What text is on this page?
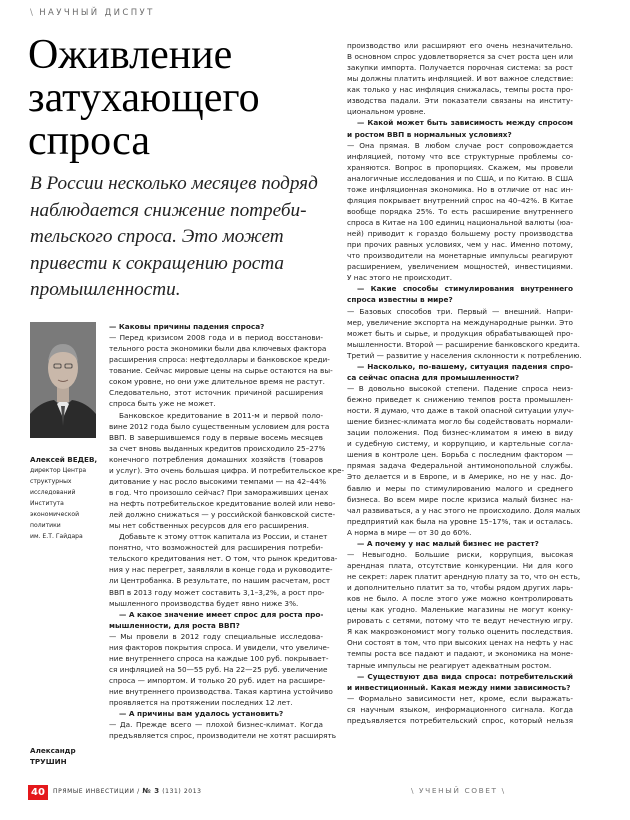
\ НАУЧНЫЙ ДИСПУТ
Оживление
затухающего
спроса
В России несколько месяцев подряд
наблюдается снижение потреби-
тельского спроса. Это может
привести к сокращению роста
промышленности.
Алексей ВЕДЕВ,
директор Центра
структурных
исследований
Института
экономической
политики
им. Е.Т. Гайдара
Александр
ТРУШИН
— Каковы причины падения спроса?
— Перед кризисом 2008 года и в период восстанови-
тельного роста экономики были два ключевых фактора
расширения спроса: нефтедоллары и банковское креди-
тование. Сейчас мировые цены на сырье остаются на вы-
соком уровне, но они уже длительное время не растут.
Следовательно, этот источник причиной расширения
спроса быть уже не может.
Банковское кредитование в 2011-м и первой поло-
вине 2012 года было существенным условием для роста
ВВП. В завершившемся году в первые восемь месяцев
за счет вновь выданных кредитов происходило 25–27%
конечного потребления домашних хозяйств (товаров
и услуг). Это очень большая цифра. И потребительское кре-
дитование у нас росло высокими темпами — на 42–44%
в год. Что произошло сейчас? При замораживших ценах
на нефть потребительское кредитование волей или нево-
лей должно снижаться — у российской банковской систе-
мы нет собственных ресурсов для его расширения.
Добавьте к этому отток капитала из России, и станет
понятно, что возможностей для расширения потреби-
тельского кредитования нет. О том, что рынок кредитова-
ния у нас перегрет, заявляли в конце года и руководите-
ли Центробанка. В результате, по нашим расчетам, рост
ВВП в 2013 году может составить 3,1–3,2%, а рост про-
мышленного производства будет явно ниже 3%.
— А какое значение имеет спрос для роста про-
мышленности, для роста ВВП?
— Мы провели в 2012 году специальные исследова-
ния факторов покрытия спроса. И увидели, что увеличе-
ние внутреннего спроса на каждые 100 руб. покрывает-
ся инфляцией на 50—55 руб. На 22—25 руб. увеличение
спроса — импортом. И только 20 руб. идет на расшире-
ние внутреннего производства. Такая картина устойчиво
проявляется на протяжении последних 12 лет.
— А причины вам удалось установить?
— Да. Прежде всего — плохой бизнес-климат. Когда
предъявляется спрос, производители не хотят расширять
производство или расширяют его очень незначительно.
В основном спрос удовлетворяется за счет роста цен или
закупки импорта. Получается порочная система: за рост
мы должны платить инфляцией. И вот важное следствие:
как только у нас инфляция снижалась, темпы роста про-
изводства падали. Эти показатели связаны на институ-
циональном уровне.
— Какой может быть зависимость между спросом
и ростом ВВП в нормальных условиях?
— Она прямая. В любом случае рост сопровождается
инфляцией, потому что все структурные проблемы со-
храняются. Вопрос в пропорциях. Скажем, мы провели
аналогичные исследования и по США, и по Китаю. В США
тоже инфляционная экономика. Но в отличие от нас ин-
фляция покрывает внутренний спрос на 40–42%. В Китае
вообще порядка 25%. То есть расширение внутреннего
спроса в Китае на 100 единиц национальной валюты (юа-
ней) приводит к гораздо большему росту производства
при прочих равных условиях, чем у нас. Именно потому,
что производители на монетарные импульсы реагируют
расширением, увеличением мощностей, инвестициями.
У нас этого не происходит.
— Какие способы стимулирования внутреннего
спроса известны в мире?
— Базовых способов три. Первый — внешний. Напри-
мер, увеличение экспорта на международные рынки. Это
может быть и сырье, и продукция обрабатывающей про-
мышленности. Второй — расширение банковского кредита.
Третий — развитие у населения склонности к потреблению.
— Насколько, по-вашему, ситуация падения спро-
са сейчас опасна для промышленности?
— В довольно высокой степени. Падение спроса неиз-
бежно приведет к снижению темпов роста промышлен-
ности. Я думаю, что даже в такой опасной ситуации улуч-
шение бизнес-климата могло бы содействовать нормали-
зации положения. Под бизнес-климатом я имею в виду
и судебную систему, и коррупцию, и картельные согла-
шения в контроле цен. Борьба с последним фактором —
прямая задача Федеральной антимонопольной службы.
Это делается и в Европе, и в Америке, но не у нас. До-
бавлю и меры по стимулированию малого и среднего
бизнеса. Во всем мире после кризиса малый бизнес на-
чал развиваться, а у нас этого не происходило. Доля малых
предприятий как была на уровне 15–17%, так и осталась.
А норма в мире — от 30 до 60%.
— А почему у нас малый бизнес не растет?
— Невыгодно. Большие риски, коррупция, высокая
арендная плата, отсутствие конкуренции. Ни для кого
не секрет: ларек платит арендную плату за то, что он есть,
и дополнительно платит за то, чтобы рядом других ларь-
ков не было. А после этого уже можно контролировать
цены как угодно. Маленькие магазины не могут конку-
рировать с сетями, потому что те ведут нечестную игру.
Я как макроэкономист могу только оценить последствия.
Они состоят в том, что при высоких ценах на нефть у нас
темпы роста все падают и падают, и экономика на моне-
тарные импульсы не реагирует адекватным ростом.
— Существуют два вида спроса: потребительский
и инвестиционный. Какая между ними зависимость?
— Формально зависимости нет, кроме, если выражать-
ся научным языком, информационного сигнала. Когда
предъявляется потребительский спрос, который нельзя
40	ПРЯМЫЕ ИНВЕСТИЦИИ / № 3 (131) 2013	\ УЧЕНЫЙ СОВЕТ \
